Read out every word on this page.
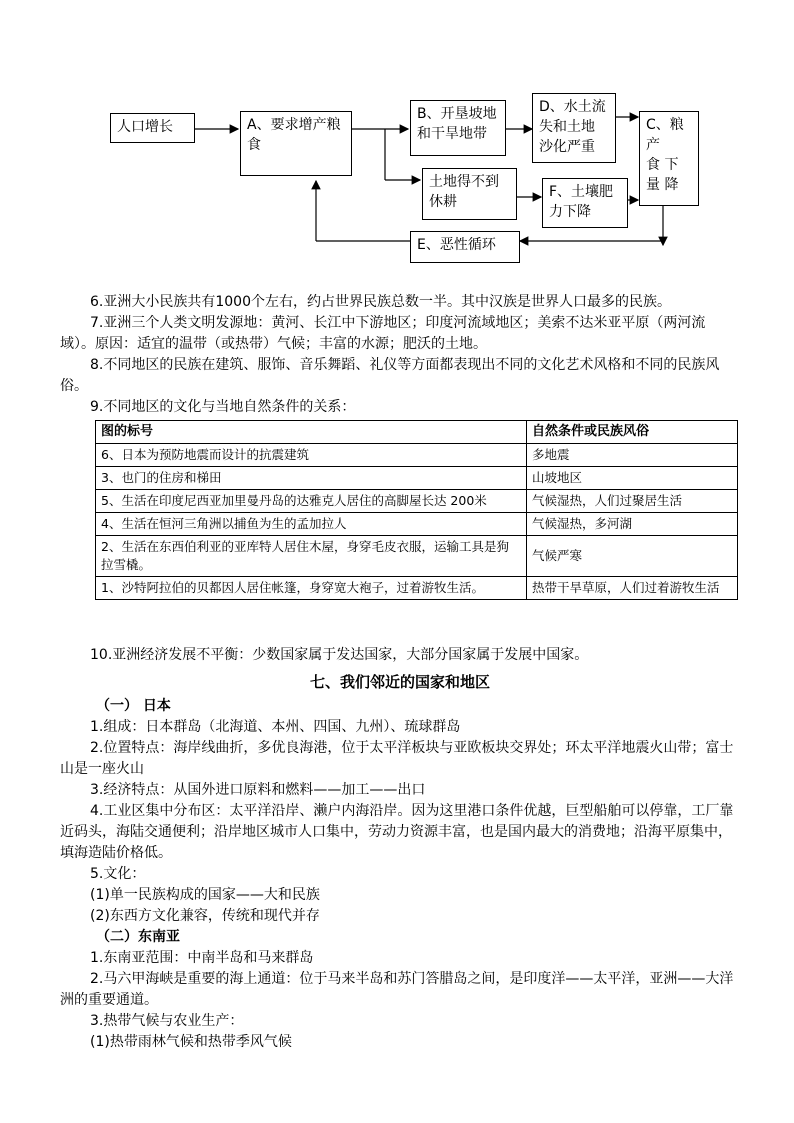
人口增长	A、要求增产粮
食
B、开垦坡地
和干旱地带
D、水土流
失和土地
沙化严重
C、粮 产
食 下
量 降
土地得不到
休耕
F、土壤肥
力下降
E、恶性循环

6.亚洲大小民族共有1000个左右，约占世界民族总数一半。其中汉族是世界人口最多的民族。

7.亚洲三个人类文明发源地：黄河、长江中下游地区；印度河流域地区；美索不达米亚平原（两河流域）。原因：适宜的温带（或热带）气候；丰富的水源；肥沃的土地。

8.不同地区的民族在建筑、服饰、音乐舞蹈、礼仪等方面都表现出不同的文化艺术风格和不同的民族风俗。

9.不同地区的文化与当地自然条件的关系：

图的标号	自然条件或民族风俗
6、日本为预防地震而设计的抗震建筑	多地震
3、也门的住房和梯田	山坡地区
5、生活在印度尼西亚加里曼丹岛的达雅克人居住的高脚屋长达 200米	气候湿热，人们过聚居生活
4、生活在恒河三角洲以捕鱼为生的孟加拉人	气候湿热，多河湖
2、生活在东西伯利亚的亚库特人居住木屋，身穿毛皮衣服，运输工具是狗拉雪橇。	气候严寒
1、沙特阿拉伯的贝都因人居住帐篷，身穿宽大袍子，过着游牧生活。	热带干旱草原，人们过着游牧生活

10.亚洲经济发展不平衡：少数国家属于发达国家，大部分国家属于发展中国家。

七、我们邻近的国家和地区

（一） 日本

1.组成：日本群岛（北海道、本州、四国、九州）、琉球群岛

2.位置特点：海岸线曲折，多优良海港，位于太平洋板块与亚欧板块交界处；环太平洋地震火山带；富士山是一座火山

3.经济特点：从国外进口原料和燃料——加工——出口

4.工业区集中分布区：太平洋沿岸、濑户内海沿岸。因为这里港口条件优越，巨型船舶可以停靠，工厂靠近码头，海陆交通便利；沿岸地区城市人口集中，劳动力资源丰富，也是国内最大的消费地；沿海平原集中，填海造陆价格低。

5.文化：

(1)单一民族构成的国家——大和民族

(2)东西方文化兼容，传统和现代并存

（二）东南亚

1.东南亚范围：中南半岛和马来群岛

2.马六甲海峡是重要的海上通道：位于马来半岛和苏门答腊岛之间，是印度洋——太平洋，亚洲——大洋洲的重要通道。

3.热带气候与农业生产：

(1)热带雨林气候和热带季风气候
